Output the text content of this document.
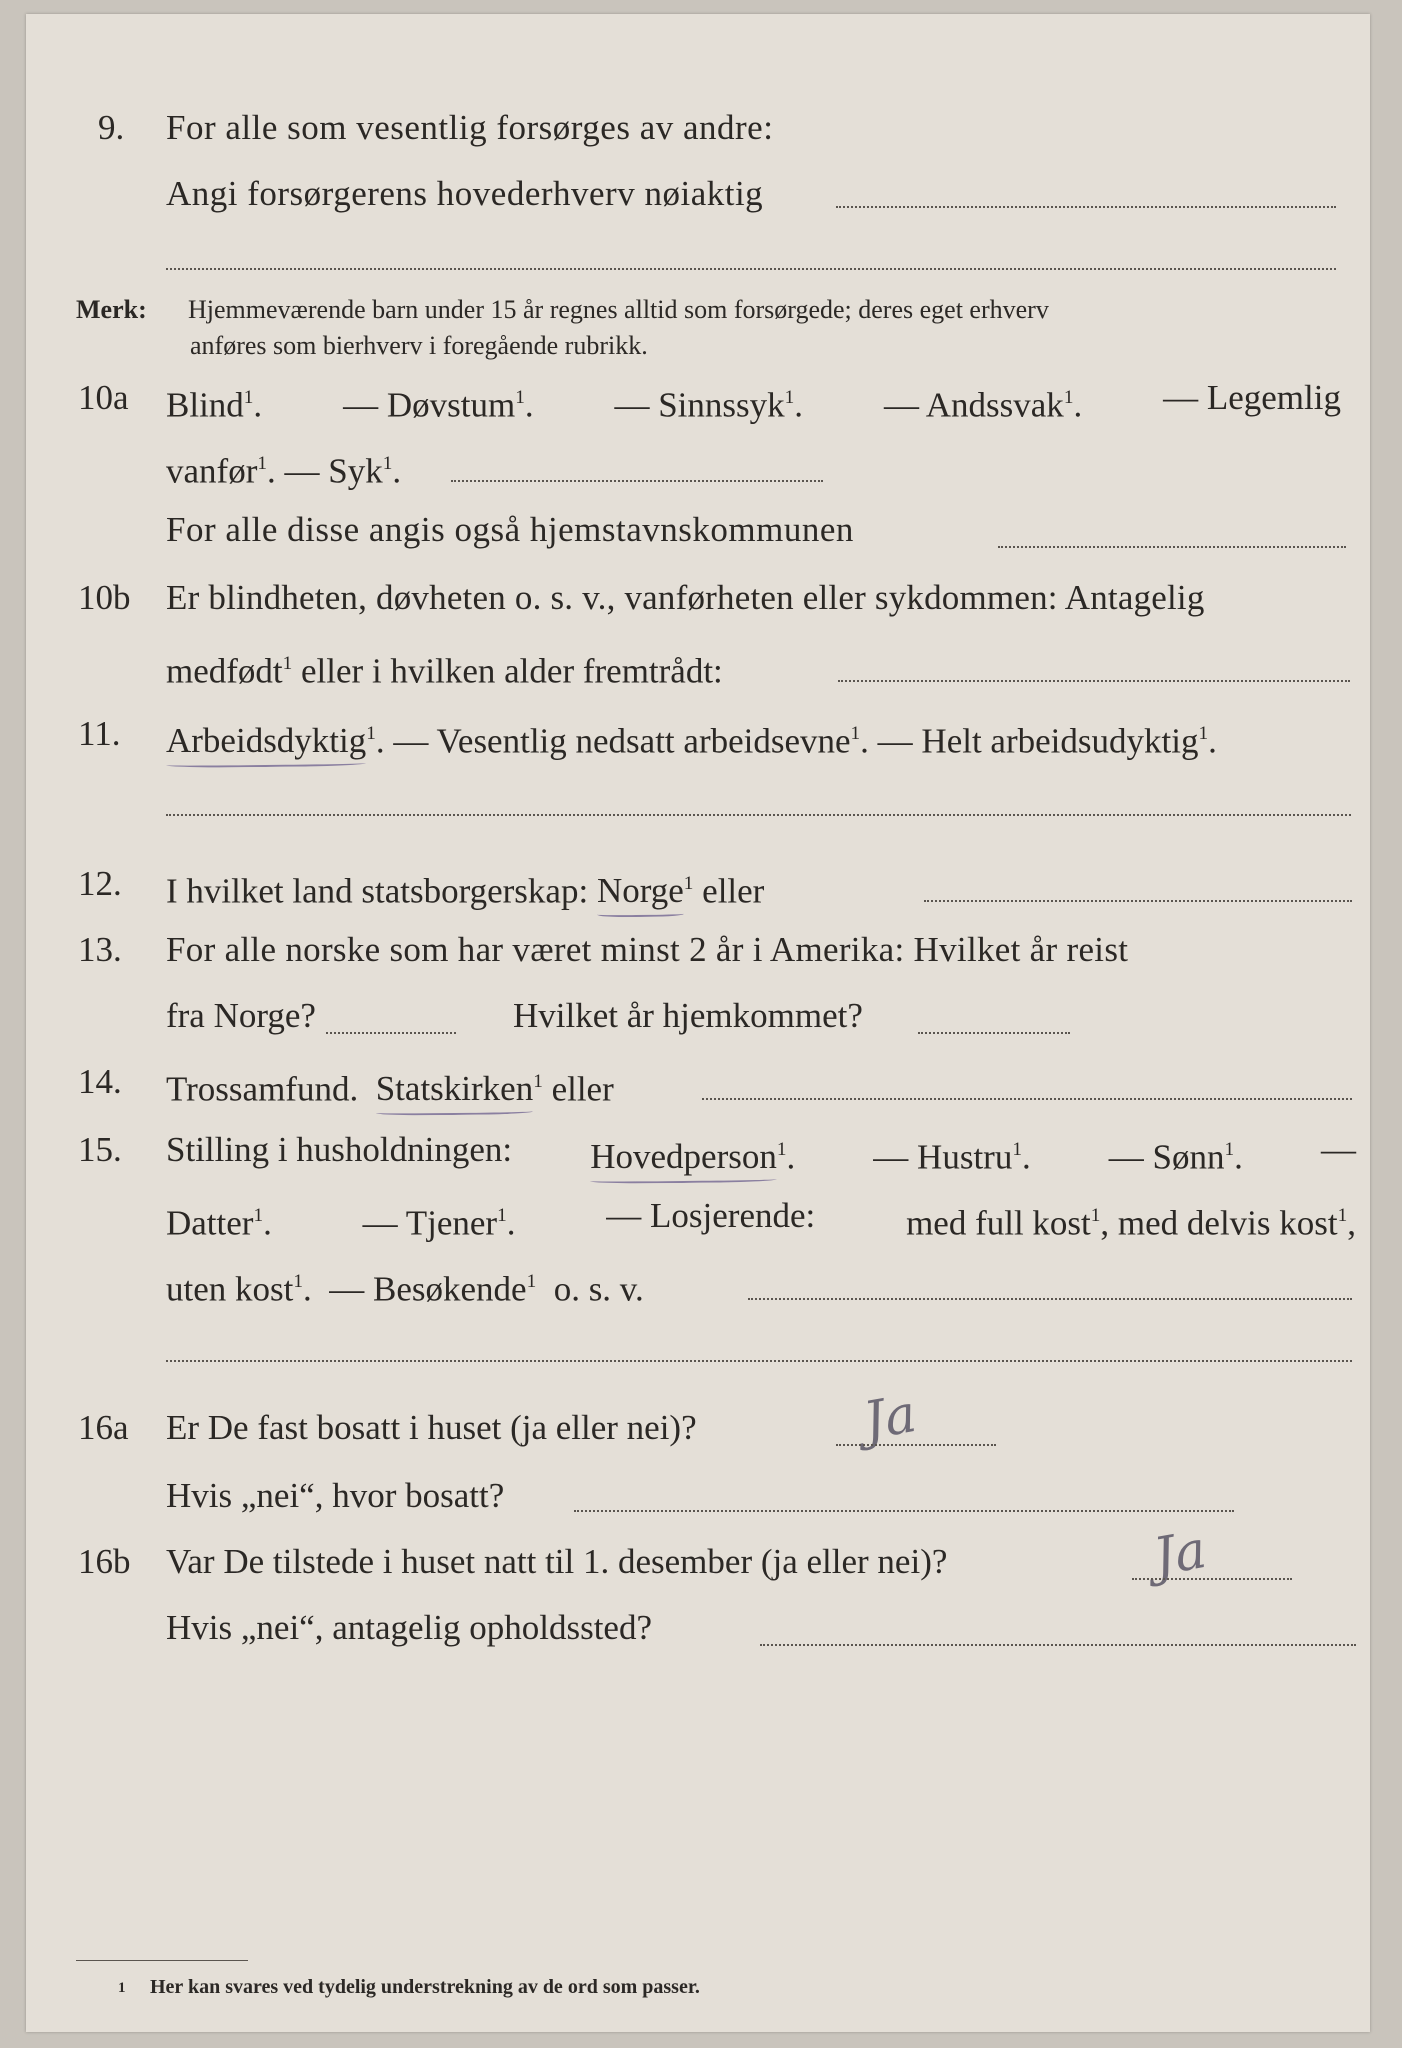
9. For alle som vesentlig forsørges av andre:
Angi forsørgerens hovederhverv nøiaktig
Merk: Hjemmeværende barn under 15 år regnes alltid som forsørgede; deres eget erhverv
anføres som bierhverv i foregående rubrikk.
10a Blind$^1$. — Døvstum$^1$. — Sinnssyk$^1$. — Andssvak$^1$. — Legemlig
vanfør$^1$. — Syk$^1$.
For alle disse angis også hjemstavnskommunen
10b Er blindheten, døvheten o. s. v., vanførheten eller sykdommen: Antagelig
medfødt$^1$ eller i hvilken alder fremtrådt:
11. Arbeidsdyktig$^1$. — Vesentlig nedsatt arbeidsevne$^1$. — Helt arbeidsudyktig$^1$.
12. I hvilket land statsborgerskap: Norge$^1$ eller
13. For alle norske som har været minst 2 år i Amerika: Hvilket år reist
fra Norge?	Hvilket år hjemkommet?
14. Trossamfund. Statskirken$^1$ eller
15. Stilling i husholdningen: Hovedperson$^1$. — Hustru$^1$. — Sønn$^1$. —
Datter$^1$.	— Tjener$^1$.	— Losjerende:	med full kost$^1$, med delvis kost$^1$,
uten kost$^1$.  — Besøkende$^1$ o. s. v.
16a Er De fast bosatt i huset (ja eller nei)?	Ja
Hvis „nei“, hvor bosatt?
16b Var De tilstede i huset natt til 1. desember (ja eller nei)?	Ja
Hvis „nei“, antagelig opholdssted?
1 Her kan svares ved tydelig understrekning av de ord som passer.
